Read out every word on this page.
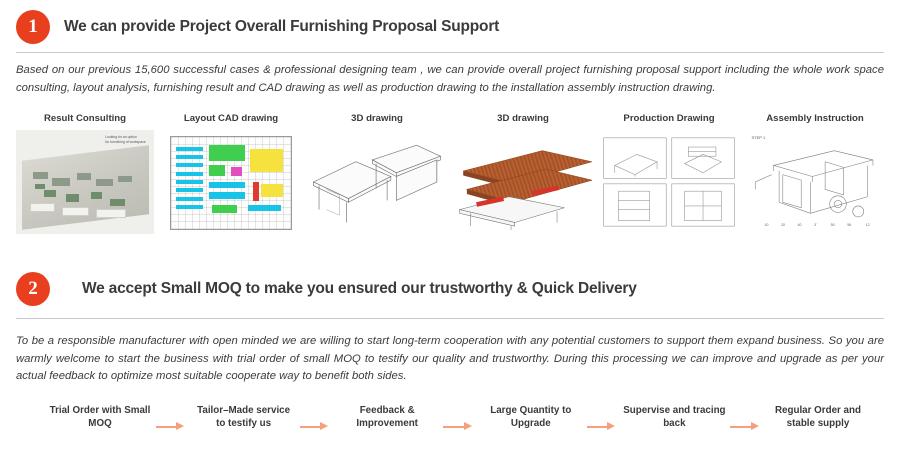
1	We can provide Project Overall Furnishing Proposal Support
Based on our previous 15,600 successful cases & professional designing team , we can provide overall project furnishing proposal support including the whole work space consulting, layout analysis, furnishing result and CAD drawing as well as production drawing to the installation assembly instruction drawing.
Result Consulting
Looking for an option
for furnishing of workspace
Layout CAD drawing	3D drawing	3D drawing	Production Drawing	Assembly Instruction
STEP 1
10	20	40	3'	50	56	12
2	We accept Small MOQ to make you ensured our trustworthy & Quick Delivery
To be a responsible manufacturer with open minded we are willing to start long-term cooperation with any potential customers to support them expand business. So you are warmly welcome to start the business with trial order of small MOQ to testify our quality and trustworthy. During this processing we can improve and upgrade as per your actual feedback to optimize most suitable cooperate way to benefit both sides.
Trial Order with Small MOQ
Tailor–Made service to testify us
Feedback & Improvement
Large Quantity to Upgrade
Supervise and tracing back
Regular Order and stable supply
